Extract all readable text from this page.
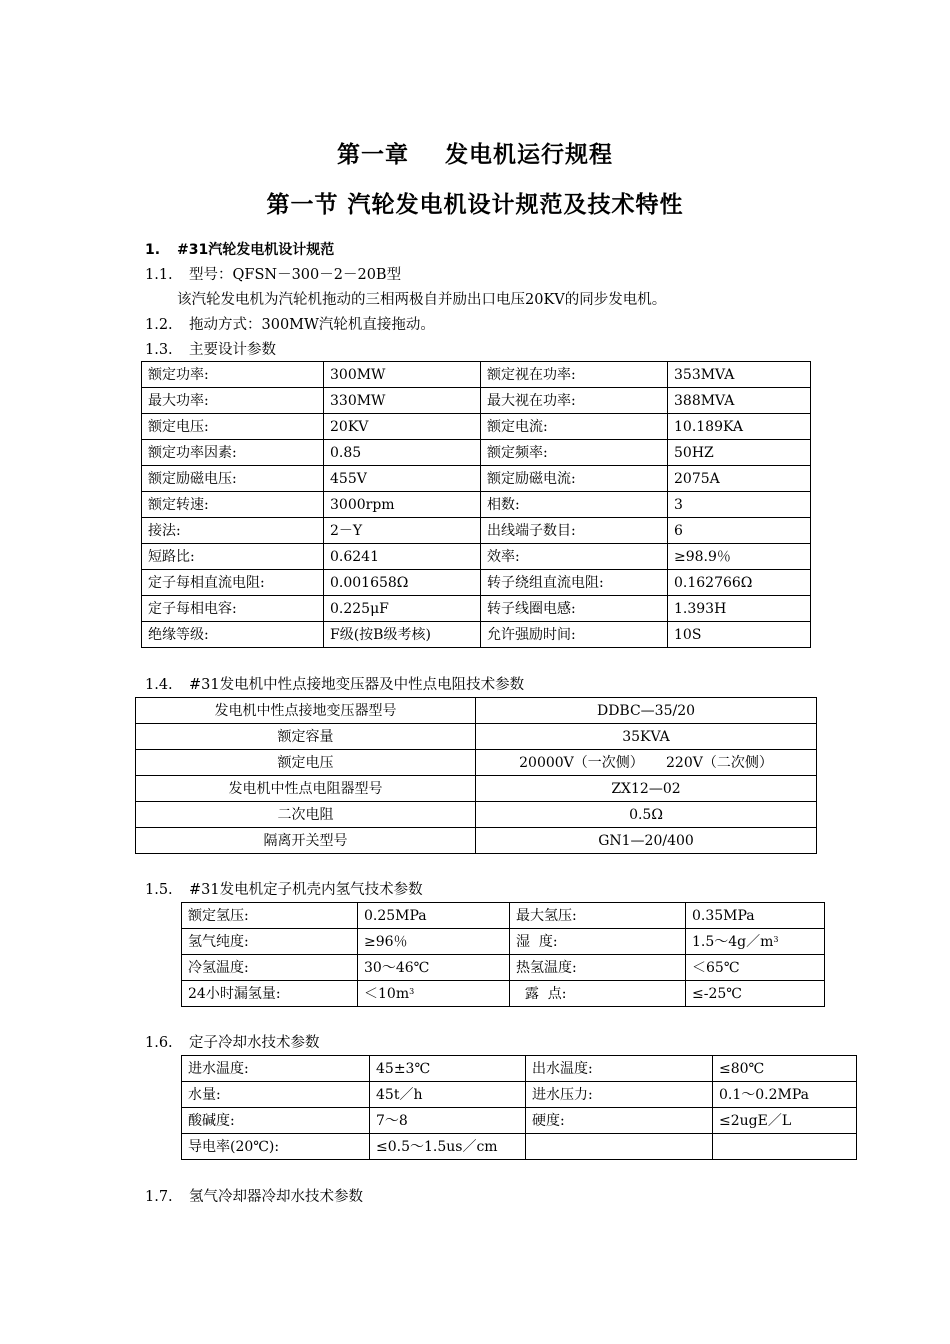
第一章    发电机运行规程
第一节 汽轮发电机设计规范及技术特性
1. #31汽轮发电机设计规范
1.1. 型号：QFSN－300－2－20B型
该汽轮发电机为汽轮机拖动的三相两极自并励出口电压20KV的同步发电机。
1.2. 拖动方式：300MW汽轮机直接拖动。
1.3. 主要设计参数
额定功率:	300MW	额定视在功率:	353MVA
最大功率:	330MW	最大视在功率:	388MVA
额定电压:	20KV	额定电流:	10.189KA
额定功率因素:	0.85	额定频率:	50HZ
额定励磁电压:	455V	额定励磁电流:	2075A
额定转速:	3000rpm	相数:	3
接法:	2－Y	出线端子数目:	6
短路比:	0.6241	效率:	≥98.9％
定子每相直流电阻:	0.001658Ω	转子绕组直流电阻:	0.162766Ω
定子每相电容:	0.225μF	转子线圈电感:	1.393H
绝缘等级:	F级(按B级考核)	允许强励时间:	10S
1.4. #31发电机中性点接地变压器及中性点电阻技术参数
发电机中性点接地变压器型号	DDBC—35/20
额定容量	35KVA
额定电压	20000V（一次侧）     220V（二次侧）
发电机中性点电阻器型号	ZX12—02
二次电阻	0.5Ω
隔离开关型号	GN1—20/400
1.5. #31发电机定子机壳内氢气技术参数
额定氢压:	0.25MPa	最大氢压:	0.35MPa
氢气纯度:	≥96％	湿  度:	$1.5\sim 4g/m^3$
冷氢温度:	30～46℃	热氢温度:	＜65℃
24小时漏氢量:	$<10m^3$	露  点:	≤-25℃
1.6. 定子冷却水技术参数
进水温度:	45±3℃	出水温度:	≤80℃
水量:	45t／h	进水压力:	0.1～0.2MPa
酸碱度:	7～8	硬度:	≤2ugE／L
导电率(20℃):	≤0.5～1.5us／cm		
1.7. 氢气冷却器冷却水技术参数
